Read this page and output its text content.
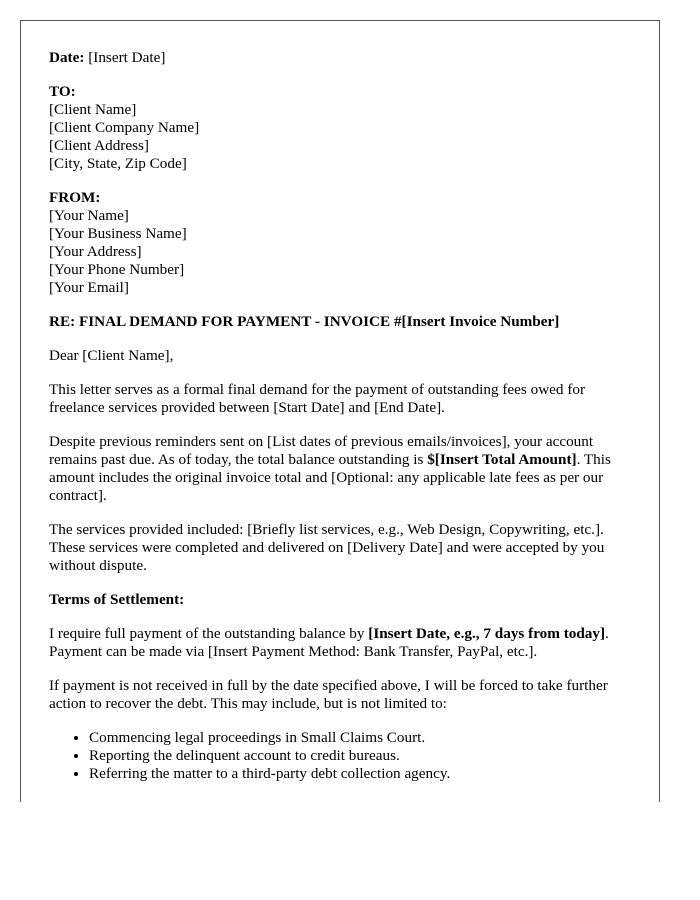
Date: [Insert Date]

TO:
[Client Name]
[Client Company Name]
[Client Address]
[City, State, Zip Code]
FROM:
[Your Name]
[Your Business Name]
[Your Address]
[Your Phone Number]
[Your Email]

RE: FINAL DEMAND FOR PAYMENT - INVOICE #[Insert Invoice Number]

Dear [Client Name],

This letter serves as a formal final demand for the payment of outstanding fees owed for freelance services provided between [Start Date] and [End Date].

Despite previous reminders sent on [List dates of previous emails/invoices], your account remains past due. As of today, the total balance outstanding is $[Insert Total Amount]. This amount includes the original invoice total and [Optional: any applicable late fees as per our contract].

The services provided included: [Briefly list services, e.g., Web Design, Copywriting, etc.]. These services were completed and delivered on [Delivery Date] and were accepted by you without dispute.

Terms of Settlement:

I require full payment of the outstanding balance by [Insert Date, e.g., 7 days from today]. Payment can be made via [Insert Payment Method: Bank Transfer, PayPal, etc.].

If payment is not received in full by the date specified above, I will be forced to take further action to recover the debt. This may include, but is not limited to:

• Commencing legal proceedings in Small Claims Court.
• Reporting the delinquent account to credit bureaus.
• Referring the matter to a third-party debt collection agency.
